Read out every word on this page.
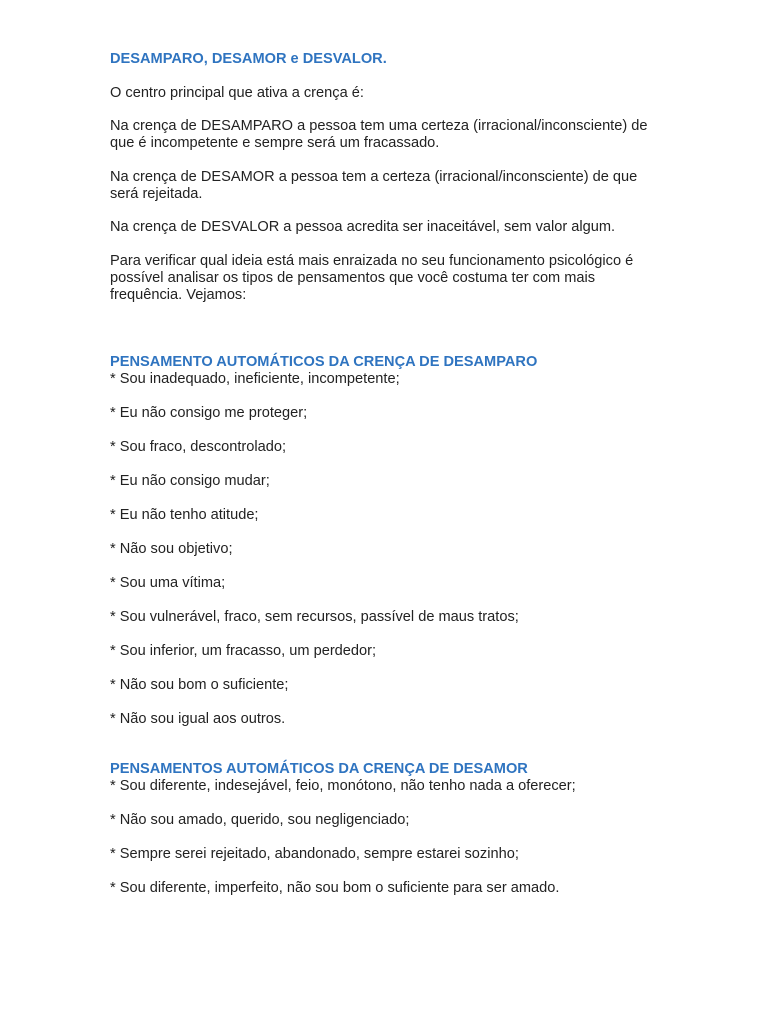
DESAMPARO, DESAMOR e DESVALOR.

O centro principal que ativa a crença é:

Na crença de DESAMPARO a pessoa tem uma certeza (irracional/inconsciente) de que é incompetente e sempre será um fracassado.

Na crença de DESAMOR a pessoa tem a certeza (irracional/inconsciente) de que será rejeitada.

Na crença de DESVALOR a pessoa acredita ser inaceitável, sem valor algum.

Para verificar qual ideia está mais enraizada no seu funcionamento psicológico é possível analisar os tipos de pensamentos que você costuma ter com mais frequência. Vejamos:

PENSAMENTO AUTOMÁTICOS DA CRENÇA DE DESAMPARO
* Sou inadequado, ineficiente, incompetente;
* Eu não consigo me proteger;
* Sou fraco, descontrolado;
* Eu não consigo mudar;
* Eu não tenho atitude;
* Não sou objetivo;
* Sou uma vítima;
* Sou vulnerável, fraco, sem recursos, passível de maus tratos;
* Sou inferior, um fracasso, um perdedor;
* Não sou bom o suficiente;
* Não sou igual aos outros.
PENSAMENTOS AUTOMÁTICOS DA CRENÇA DE DESAMOR
* Sou diferente, indesejável, feio, monótono, não tenho nada a oferecer;
* Não sou amado, querido, sou negligenciado;
* Sempre serei rejeitado, abandonado, sempre estarei sozinho;
* Sou diferente, imperfeito, não sou bom o suficiente para ser amado.
